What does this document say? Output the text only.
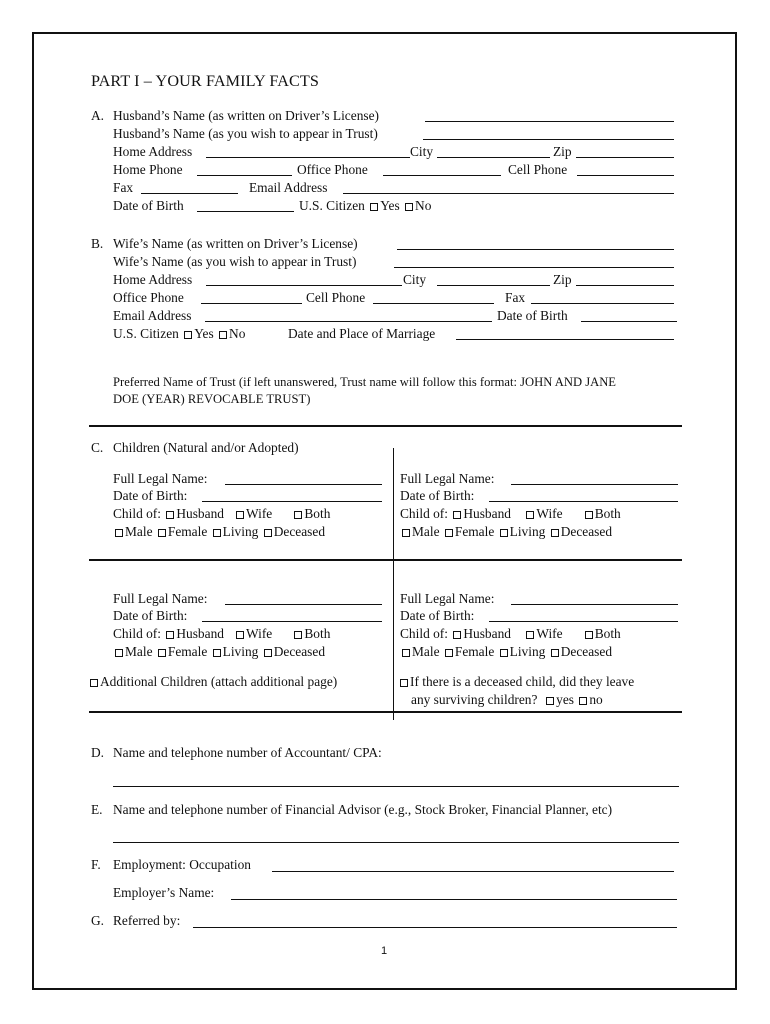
PART I – YOUR FAMILY FACTS
A. Husband’s Name (as written on Driver’s License)
Husband’s Name (as you wish to appear in Trust)
Home Address	City	Zip
Home Phone	Office Phone	Cell Phone
Fax	Email Address
Date of Birth	U.S. Citizen Yes No
B. Wife’s Name (as written on Driver’s License)
Wife’s Name (as you wish to appear in Trust)
Home Address	City	Zip
Office Phone	Cell Phone	Fax
Email Address	Date of Birth
U.S. Citizen Yes No	Date and Place of Marriage
Preferred Name of Trust (if left unanswered, Trust name will follow this format: JOHN AND JANE
DOE (YEAR) REVOCABLE TRUST)
C. Children (Natural and/or Adopted)
Full Legal Name:
Date of Birth:
Child of: Husband Wife Both
Male Female Living Deceased
Full Legal Name:
Date of Birth:
Child of: Husband Wife Both
Male Female Living Deceased
Full Legal Name:
Date of Birth:
Child of: Husband Wife Both
Male Female Living Deceased
Full Legal Name:
Date of Birth:
Child of: Husband Wife Both
Male Female Living Deceased
Additional Children (attach additional page)	If there is a deceased child, did they leave
any surviving children? yes no
D. Name and telephone number of Accountant/ CPA:
E. Name and telephone number of Financial Advisor (e.g., Stock Broker, Financial Planner, etc)
F. Employment: Occupation
Employer’s Name:
G. Referred by:
1
